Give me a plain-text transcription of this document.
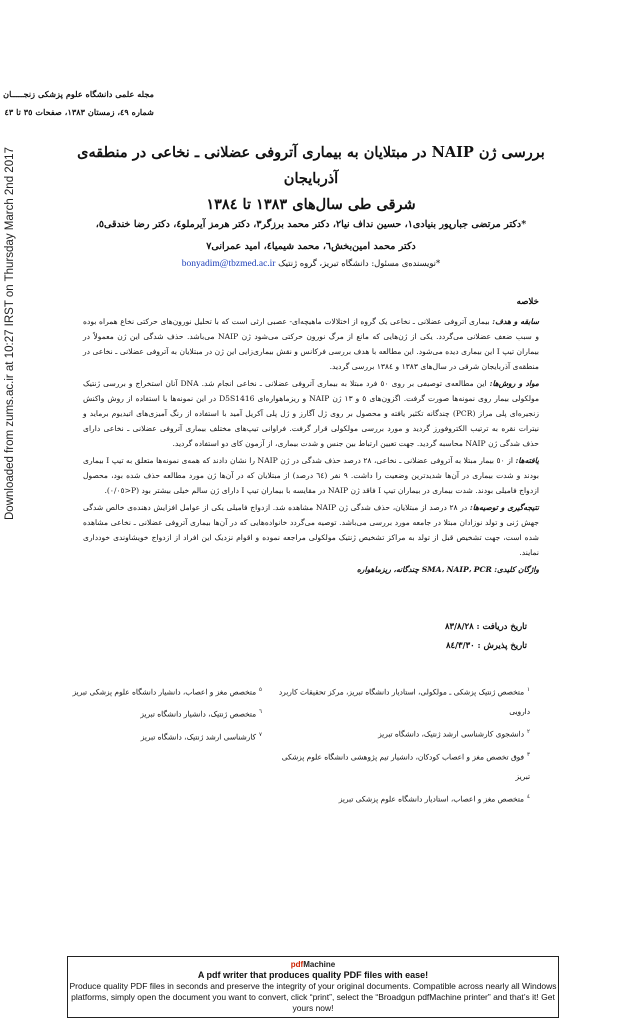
Downloaded from zums.ac.ir at 10:27 IRST on Thursday March 2nd 2017
مجله علمی دانشگاه علوم پزشکی زنجـــــان
شماره ٤٩، زمستان ١٣٨٣، صفحات ٣٥ تا ٤٣
بررسی ژن NAIP در مبتلایان به بیماری آتروفی عضلانی ـ نخاعی در منطقه‌ی آذربایجان
شرقی طی سال‌های ١٣٨٣ تا ١٣٨٤
*دکتر مرتضی جبارپور بنیادی١، حسین نداف نیا٢، دکتر محمد برزگر٣، دکتر هرمز آیرملو٤، دکتر رضا خندقی٥،
دکتر محمد امین‌بخش٦، محمد شیمیا٤، امید عمرانی٧
*نویسنده‌ی مسئول: دانشگاه تبریز، گروه ژنتیک bonyadim@tbzmed.ac.ir
خلاصه

سابقه و هدف: بیماری آتروفی عضلانی ـ نخاعی یک گروه از اختلالات ماهیچه‌ای- عصبی ارثی است که با تحلیل نورون‌های حرکتی نخاع همراه بوده و سبب ضعف عضلانی می‌گردد. یکی از ژن‌هایی که مانع از مرگ نورون حرکتی می‌شود ژن NAIP می‌باشد. حذف شدگی این ژن معمولاً در بیماران تیپ I این بیماری دیده می‌شود. این مطالعه با هدف بررسی فرکانس و نقش بیماری‌زایی این ژن در مبتلایان به آتروفی عضلانی ـ نخاعی در منطقه‌ی آذربایجان شرقی در سال‌های ١٣٨٣ و ١٣٨٤ بررسی گردید.

مواد و روش‌ها: این مطالعه‌ی توصیفی بر روی ٥٠ فرد مبتلا به بیماری آتروفی عضلانی ـ نخاعی انجام شد. DNA آنان استخراج و بررسی ژنتیک مولکولی بیمار روی نمونه‌ها صورت گرفت. اگزون‌های ٥ و ١٣ ژن NAIP و ریزماهواره‌ای D5S1416 در این نمونه‌ها با استفاده از روش واکنش زنجیره‌ای پلی مراز (PCR) چندگانه تکثیر یافته و محصول بر روی ژل آگارز و ژل پلی آکریل آمید با استفاده از رنگ آمیزی‌های اتیدیوم برماید و نیترات نقره به ترتیب الکتروفورز گردید و مورد بررسی مولکولی قرار گرفت. فراوانی تیپ‌های مختلف بیماری آتروفی عضلانی ـ نخاعی دارای حذف شدگی ژن NAIP محاسبه گردید. جهت تعیین ارتباط بین جنس و شدت بیماری، از آزمون کای دو استفاده گردید.

یافته‌ها: از ٥٠ بیمار مبتلا به آتروفی عضلانی ـ نخاعی، ٢٨ درصد حذف شدگی در ژن NAIP را نشان دادند که همه‌ی نمونه‌ها متعلق به تیپ I بیماری بودند و شدت بیماری در آن‌ها شدیدترین وضعیت را داشت. ٩ نفر (٦٤ درصد) از مبتلایان که در آن‌ها ژن مورد مطالعه حذف شده بود، محصول ازدواج فامیلی بودند. شدت بیماری در بیماران تیپ I فاقد ژن NAIP در مقایسه با بیماران تیپ I دارای ژن سالم خیلی بیشتر بود (P<٠/٠٥).

نتیجه‌گیری و توصیه‌ها: در ٢٨ درصد از مبتلایان، حذف شدگی ژن NAIP مشاهده شد. ازدواج فامیلی یکی از عوامل افزایش دهنده‌ی خالص شدگی جهش ژنی و تولد نوزادان مبتلا در جامعه مورد بررسی می‌باشد. توصیه می‌گردد خانواده‌هایی که در آن‌ها بیماری آتروفی عضلانی ـ نخاعی مشاهده شده است، جهت تشخیص قبل از تولد به مراکز تشخیص ژنتیک مولکولی مراجعه نموده و اقوام نزدیک این افراد از ازدواج خویشاوندی خودداری نمایند.

واژگان کلیدی: SMA، NAIP، PCR چندگانه، ریزماهواره

تاریخ دریافت : ٨٣/٨/٢٨
تاریخ پذیرش : ٨٤/٣/٣٠
$^١$متخصص ژنتیک پزشکی ـ مولکولی، استادیار دانشگاه تبریز، مرکز تحقیقات کاربرد دارویی
$^٢$دانشجوی کارشناسی ارشد ژنتیک، دانشگاه تبریز
$^٣$فوق تخصص مغز و اعصاب کودکان، دانشیار تیم پژوهشی دانشگاه علوم پزشکی تبریز
$^٤$متخصص مغز و اعصاب، استادیار دانشگاه علوم پزشکی تبریز
$^٥$متخصص مغز و اعصاب، دانشیار دانشگاه علوم پزشکی تبریز
$^٦$متخصص ژنتیک، دانشیار دانشگاه تبریز
$^٧$کارشناسی ارشد ژنتیک، دانشگاه تبریز
pdfMachine
A pdf writer that produces quality PDF files with ease!
Produce quality PDF files in seconds and preserve the integrity of your original documents. Compatible across nearly all Windows platforms, simply open the document you want to convert, click “print”, select the “Broadgun pdfMachine printer” and that’s it! Get yours now!
